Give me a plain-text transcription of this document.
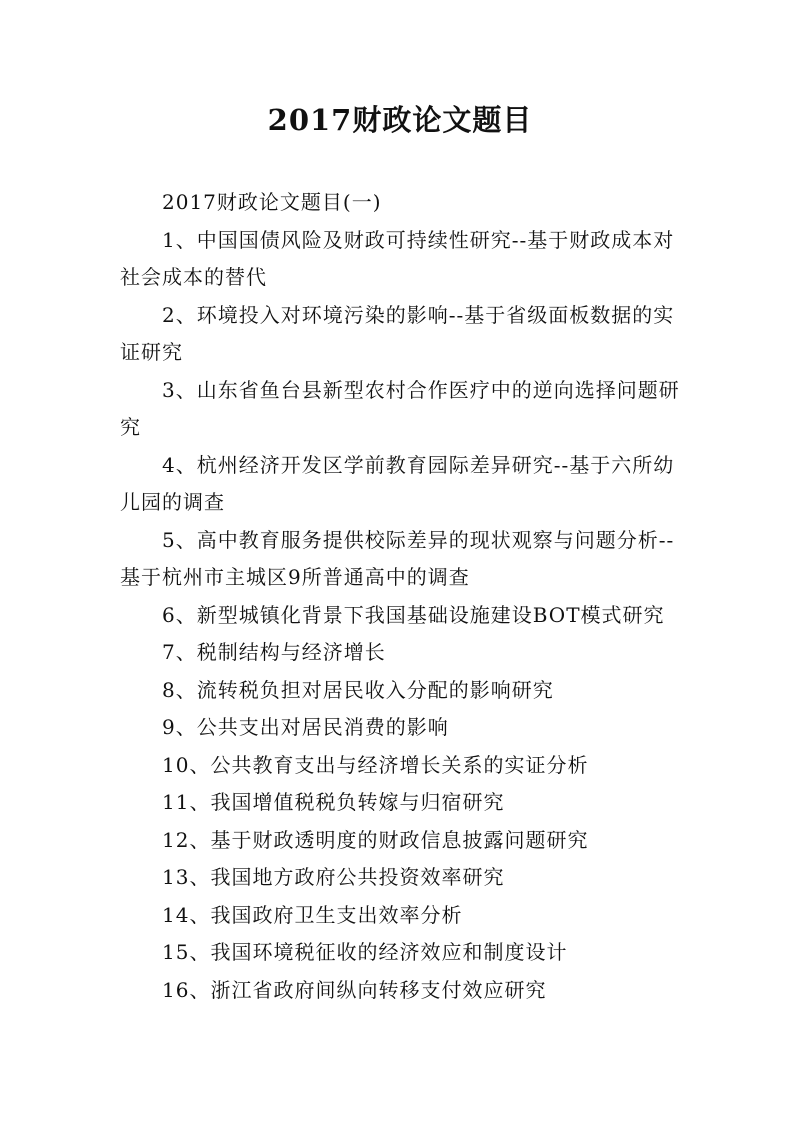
2017财政论文题目

2017财政论文题目(一)

1、中国国债风险及财政可持续性研究--基于财政成本对社会成本的替代

2、环境投入对环境污染的影响--基于省级面板数据的实证研究

3、山东省鱼台县新型农村合作医疗中的逆向选择问题研究

4、杭州经济开发区学前教育园际差异研究--基于六所幼儿园的调查

5、高中教育服务提供校际差异的现状观察与问题分析--基于杭州市主城区9所普通高中的调查

6、新型城镇化背景下我国基础设施建设BOT模式研究

7、税制结构与经济增长

8、流转税负担对居民收入分配的影响研究

9、公共支出对居民消费的影响

10、公共教育支出与经济增长关系的实证分析

11、我国增值税税负转嫁与归宿研究

12、基于财政透明度的财政信息披露问题研究

13、我国地方政府公共投资效率研究

14、我国政府卫生支出效率分析

15、我国环境税征收的经济效应和制度设计

16、浙江省政府间纵向转移支付效应研究
